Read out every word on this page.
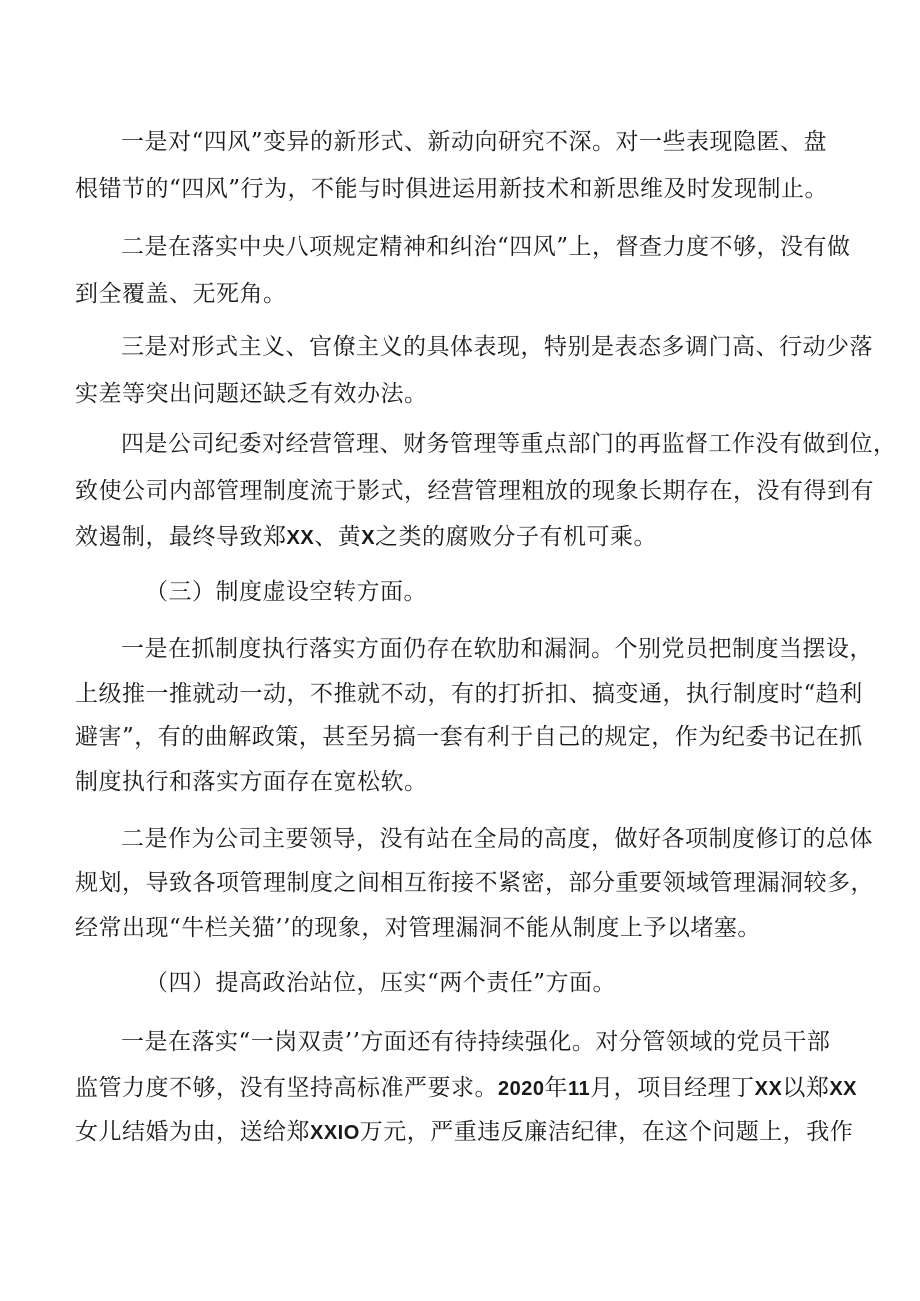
一是对“四风”变异的新形式、新动向研究不深。对一些表现隐匿、盘
根错节的“四风”行为，不能与时俱进运用新技术和新思维及时发现制止。
二是在落实中央八项规定精神和纠治“四风”上，督查力度不够，没有做
到全覆盖、无死角。
三是对形式主义、官僚主义的具体表现，特别是表态多调门高、行动少落
实差等突出问题还缺乏有效办法。
四是公司纪委对经营管理、财务管理等重点部门的再监督工作没有做到位，
致使公司内部管理制度流于影式，经营管理粗放的现象长期存在，没有得到有
效遏制，最终导致郑XX、黄X之类的腐败分子有机可乘。
（三）制度虚设空转方面。
一是在抓制度执行落实方面仍存在软肋和漏洞。个别党员把制度当摆设，
上级推一推就动一动，不推就不动，有的打折扣、搞变通，执行制度时“趋利
避害”，有的曲解政策，甚至另搞一套有利于自己的规定，作为纪委书记在抓
制度执行和落实方面存在宽松软。
二是作为公司主要领导，没有站在全局的高度，做好各项制度修订的总体
规划，导致各项管理制度之间相互衔接不紧密，部分重要领域管理漏洞较多，
经常出现“牛栏关猫’’的现象，对管理漏洞不能从制度上予以堵塞。
（四）提高政治站位，压实“两个责任”方面。
一是在落实“一岗双责’’方面还有待持续强化。对分管领域的党员干部
监管力度不够，没有坚持高标准严要求。2020年11月，项目经理丁XX以郑XX
女儿结婚为由，送给郑XXIO万元，严重违反廉洁纪律，在这个问题上，我作
